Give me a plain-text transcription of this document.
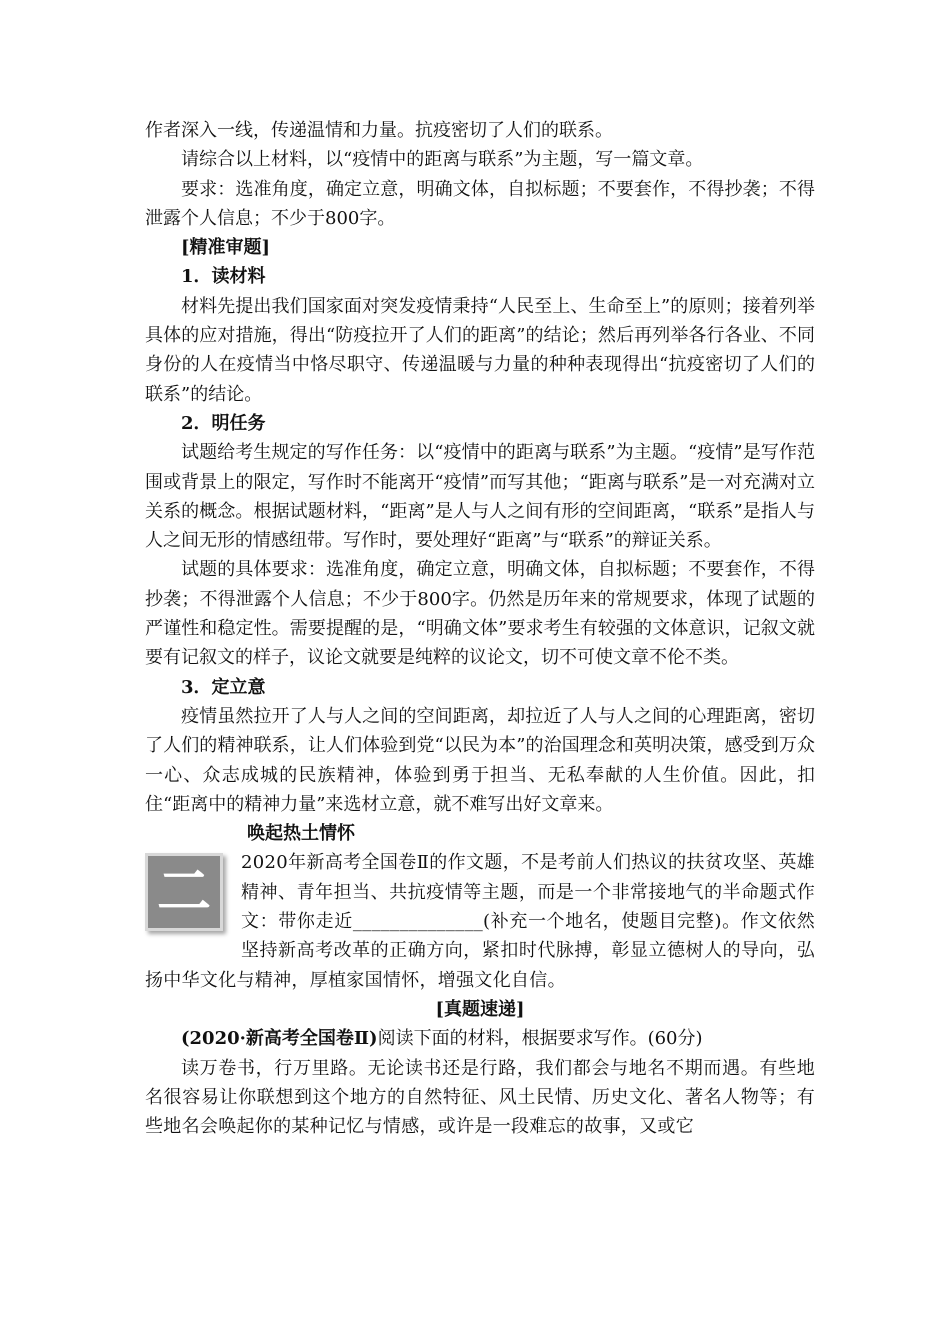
作者深入一线，传递温情和力量。抗疫密切了人们的联系。

请综合以上材料，以“疫情中的距离与联系”为主题，写一篇文章。

要求：选准角度，确定立意，明确文体，自拟标题；不要套作，不得抄袭；不得泄露个人信息；不少于800字。

[精准审题]

1．读材料

材料先提出我们国家面对突发疫情秉持“人民至上、生命至上”的原则；接着列举具体的应对措施，得出“防疫拉开了人们的距离”的结论；然后再列举各行各业、不同身份的人在疫情当中恪尽职守、传递温暖与力量的种种表现得出“抗疫密切了人们的联系”的结论。

2．明任务

试题给考生规定的写作任务：以“疫情中的距离与联系”为主题。“疫情”是写作范围或背景上的限定，写作时不能离开“疫情”而写其他；“距离与联系”是一对充满对立关系的概念。根据试题材料，“距离”是人与人之间有形的空间距离，“联系”是指人与人之间无形的情感纽带。写作时，要处理好“距离”与“联系”的辩证关系。

试题的具体要求：选准角度，确定立意，明确文体，自拟标题；不要套作，不得抄袭；不得泄露个人信息；不少于800字。仍然是历年来的常规要求，体现了试题的严谨性和稳定性。需要提醒的是，“明确文体”要求考生有较强的文体意识，记叙文就要有记叙文的样子，议论文就要是纯粹的议论文，切不可使文章不伦不类。

3．定立意

疫情虽然拉开了人与人之间的空间距离，却拉近了人与人之间的心理距离，密切了人们的精神联系，让人们体验到党“以民为本”的治国理念和英明决策，感受到万众一心、众志成城的民族精神，体验到勇于担当、无私奉献的人生价值。因此，扣住“距离中的精神力量”来选材立意，就不难写出好文章来。

唤起热土情怀

二	2020年新高考全国卷Ⅱ的作文题，不是考前人们热议的扶贫攻坚、英雄精神、青年担当、共抗疫情等主题，而是一个非常接地气的半命题式作文：带你走近______________(补充一个地名，使题目完整)。作文依然坚持新高考改革的正确方向，紧扣时代脉搏，彰显立德树人的导向，弘扬中华文化与精神，厚植家国情怀，增强文化自信。

[真题速递]

(2020·新高考全国卷Ⅱ)阅读下面的材料，根据要求写作。(60分)

读万卷书，行万里路。无论读书还是行路，我们都会与地名不期而遇。有些地名很容易让你联想到这个地方的自然特征、风土民情、历史文化、著名人物等；有些地名会唤起你的某种记忆与情感，或许是一段难忘的故事，又或它
